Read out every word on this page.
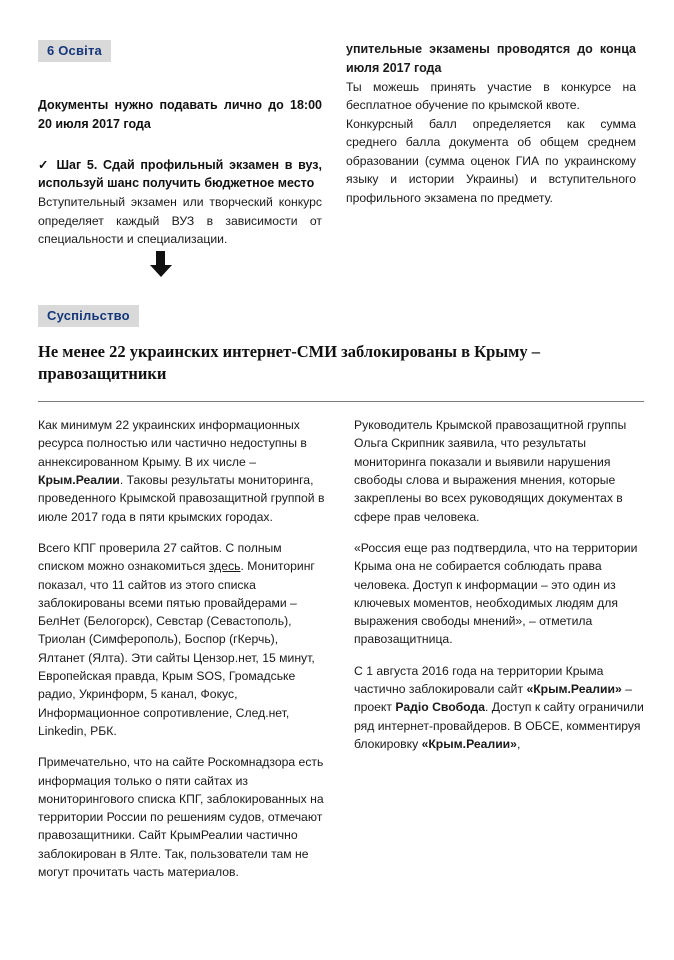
6 Освіта

Документы нужно подавать лично до 18:00 20 июля 2017 года

✓ Шаг 5. Сдай профильный экзамен в вуз, используй шанс получить бюджетное место

Вступительный экзамен или творческий конкурс определяет каждый ВУЗ в зависимости от специальности и специализации.

упительные экзамены проводятся до конца июля 2017 года

Ты можешь принять участие в конкурсе на бесплатное обучение по крымской квоте.

Конкурсный балл определяется как сумма среднего балла документа об общем среднем образовании (сумма оценок ГИА по украинскому языку и истории Украины) и вступительного профильного экзамена по предмету.

Суспільство
Не менее 22 украинских интернет-СМИ заблокированы в Крыму – правозащитники

Как минимум 22 украинских информационных ресурса полностью или частично недоступны в аннексированном Крыму. В их числе – Крым.Реалии. Таковы результаты мониторинга, проведенного Крымской правозащитной группой в июле 2017 года в пяти крымских городах.

Всего КПГ проверила 27 сайтов. С полным списком можно ознакомиться здесь. Мониторинг показал, что 11 сайтов из этого списка заблокированы всеми пятью провайдерами – БелНет (Белогорск), Севстар (Севастополь), Триолан (Симферополь), Боспор (гКерчь), Ялтанет (Ялта). Эти сайты Цензор.нет, 15 минут, Европейская правда, Крым SOS, Громадське радио, Укринформ, 5 канал, Фокус, Информационное сопротивление, След.нет, Linkedin, РБК.

Примечательно, что на сайте Роскомнадзора есть информация только о пяти сайтах из мониторингового списка КПГ, заблокированных на территории России по решениям судов, отмечают правозащитники. Сайт КрымРеалии частично заблокирован в Ялте. Так, пользователи там не могут прочитать часть материалов.

Руководитель Крымской правозащитной группы Ольга Скрипник заявила, что результаты мониторинга показали и выявили нарушения свободы слова и выражения мнения, которые закреплены во всех руководящих документах в сфере прав человека.

«Россия еще раз подтвердила, что на территории Крыма она не собирается соблюдать права человека. Доступ к информации – это один из ключевых моментов, необходимых людям для выражения свободы мнений», – отметила правозащитница.

С 1 августа 2016 года на территории Крыма частично заблокировали сайт «Крым.Реалии» – проект Радіо Свобода. Доступ к сайту ограничили ряд интернет-провайдеров. В ОБСЕ, комментируя блокировку «Крым.Реалии»,
